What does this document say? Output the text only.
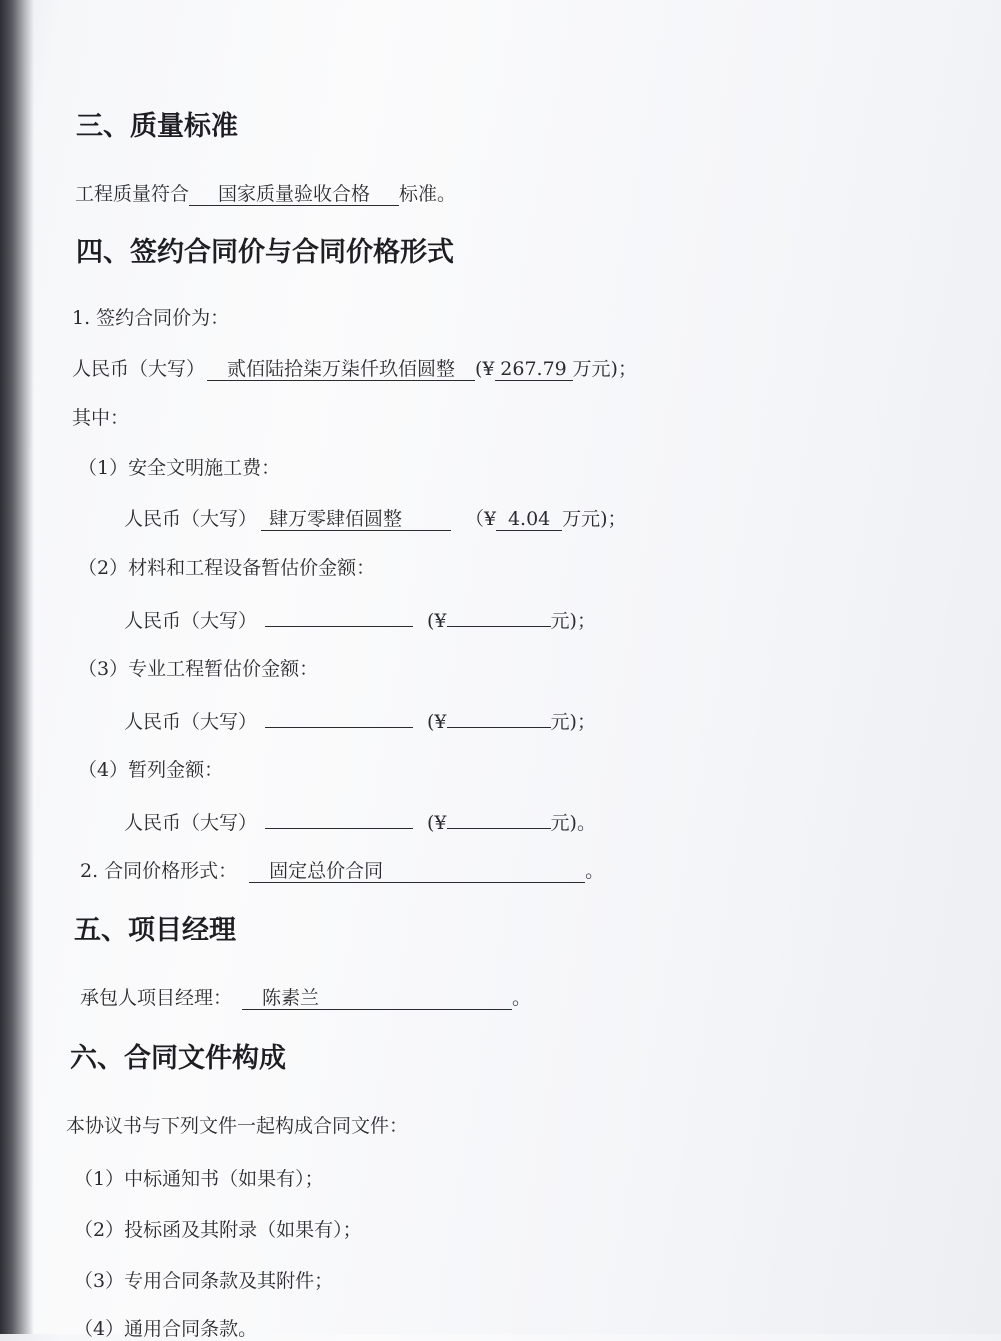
三、质量标准
工程质量符合 国家质量验收合格 标准。
四、签约合同价与合同价格形式
1. 签约合同价为：
人民币（大写） 贰佰陆拾柒万柒仟玖佰圆整 (¥ 267.79 万元)；
其中：
（1）安全文明施工费：
人民币（大写） 肆万零肆佰圆整	（¥ 4.04 万元)；
（2）材料和工程设备暂估价金额：
人民币（大写）	(¥	元)；
（3）专业工程暂估价金额：
人民币（大写）	(¥	元)；
（4）暂列金额：
人民币（大写）	(¥	元)。
2. 合同价格形式： 固定总价合同	。
五、项目经理
承包人项目经理： 陈素兰	。
六、合同文件构成
本协议书与下列文件一起构成合同文件：
（1）中标通知书（如果有）；
（2）投标函及其附录（如果有）；
（3）专用合同条款及其附件；
（4）通用合同条款。
